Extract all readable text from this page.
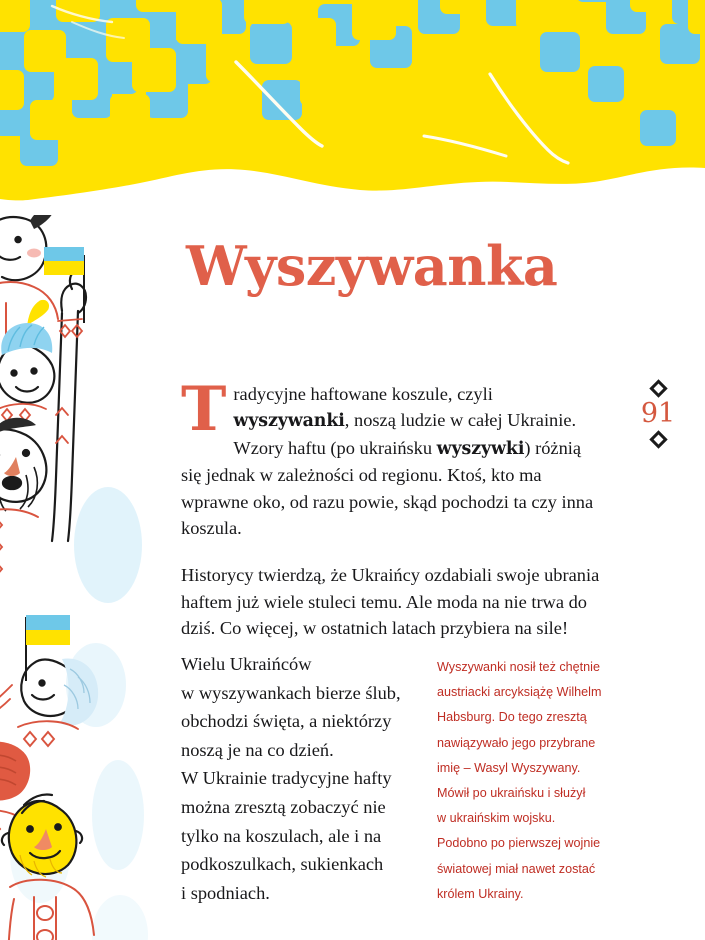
Wyszywanka
91

Tradycyjne haftowane koszule, czyli wyszywanki, noszą ludzie w całej Ukrainie. Wzory haftu (po ukraińsku wyszywki) różnią się jednak w zależności od regionu. Ktoś, kto ma wprawne oko, od razu powie, skąd pochodzi ta czy inna koszula.

Historycy twierdzą, że Ukraińcy ozdabiali swoje ubrania haftem już wiele stuleci temu. Ale moda na nie trwa do dziś. Co więcej, w ostatnich latach przybiera na sile!

Wielu Ukraińców
w wyszywankach bierze ślub,
obchodzi święta, a niektórzy
noszą je na co dzień.
W Ukrainie tradycyjne hafty
można zresztą zobaczyć nie
tylko na koszulach, ale i na
podkoszulkach, sukienkach
i spodniach.
Wyszywanki nosił też chętnie
austriacki arcyksiążę Wilhelm
Habsburg. Do tego zresztą
nawiązywało jego przybrane
imię – Wasyl Wyszywany.
Mówił po ukraińsku i służył
w ukraińskim wojsku.
Podobno po pierwszej wojnie
światowej miał nawet zostać
królem Ukrainy.
